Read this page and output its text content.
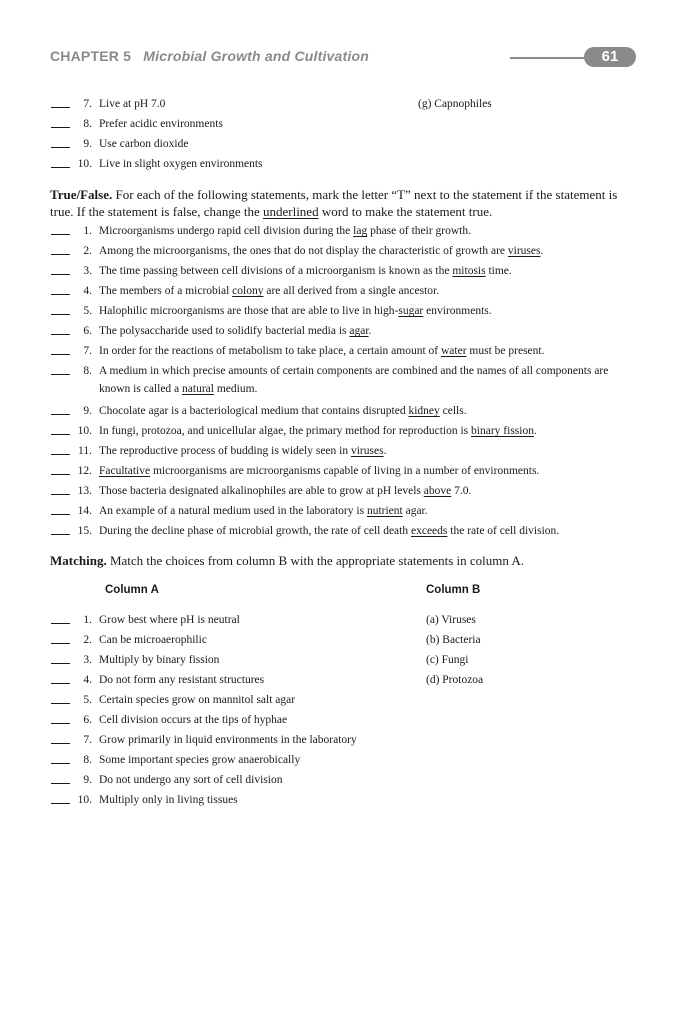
CHAPTER 5 Microbial Growth and Cultivation	61
7. Live at pH 7.0	(g) Capnophiles
8. Prefer acidic environments
9. Use carbon dioxide
10. Live in slight oxygen environments
True/False. For each of the following statements, mark the letter “T” next to the statement if the statement is true. If the statement is false, change the underlined word to make the statement true.
1. Microorganisms undergo rapid cell division during the lag phase of their growth.
2. Among the microorganisms, the ones that do not display the characteristic of growth are viruses.
3. The time passing between cell divisions of a microorganism is known as the mitosis time.
4. The members of a microbial colony are all derived from a single ancestor.
5. Halophilic microorganisms are those that are able to live in high-sugar environments.
6. The polysaccharide used to solidify bacterial media is agar.
7. In order for the reactions of metabolism to take place, a certain amount of water must be present.
8. A medium in which precise amounts of certain components are combined and the names of all components are known is called a natural medium.
9. Chocolate agar is a bacteriological medium that contains disrupted kidney cells.
10. In fungi, protozoa, and unicellular algae, the primary method for reproduction is binary fission.
11. The reproductive process of budding is widely seen in viruses.
12. Facultative microorganisms are microorganisms capable of living in a number of environments.
13. Those bacteria designated alkalinophiles are able to grow at pH levels above 7.0.
14. An example of a natural medium used in the laboratory is nutrient agar.
15. During the decline phase of microbial growth, the rate of cell death exceeds the rate of cell division.
Matching. Match the choices from column B with the appropriate statements in column A.
Column A	Column B
1. Grow best where pH is neutral	(a) Viruses
2. Can be microaerophilic	(b) Bacteria
3. Multiply by binary fission	(c) Fungi
4. Do not form any resistant structures	(d) Protozoa
5. Certain species grow on mannitol salt agar
6. Cell division occurs at the tips of hyphae
7. Grow primarily in liquid environments in the laboratory
8. Some important species grow anaerobically
9. Do not undergo any sort of cell division
10. Multiply only in living tissues
